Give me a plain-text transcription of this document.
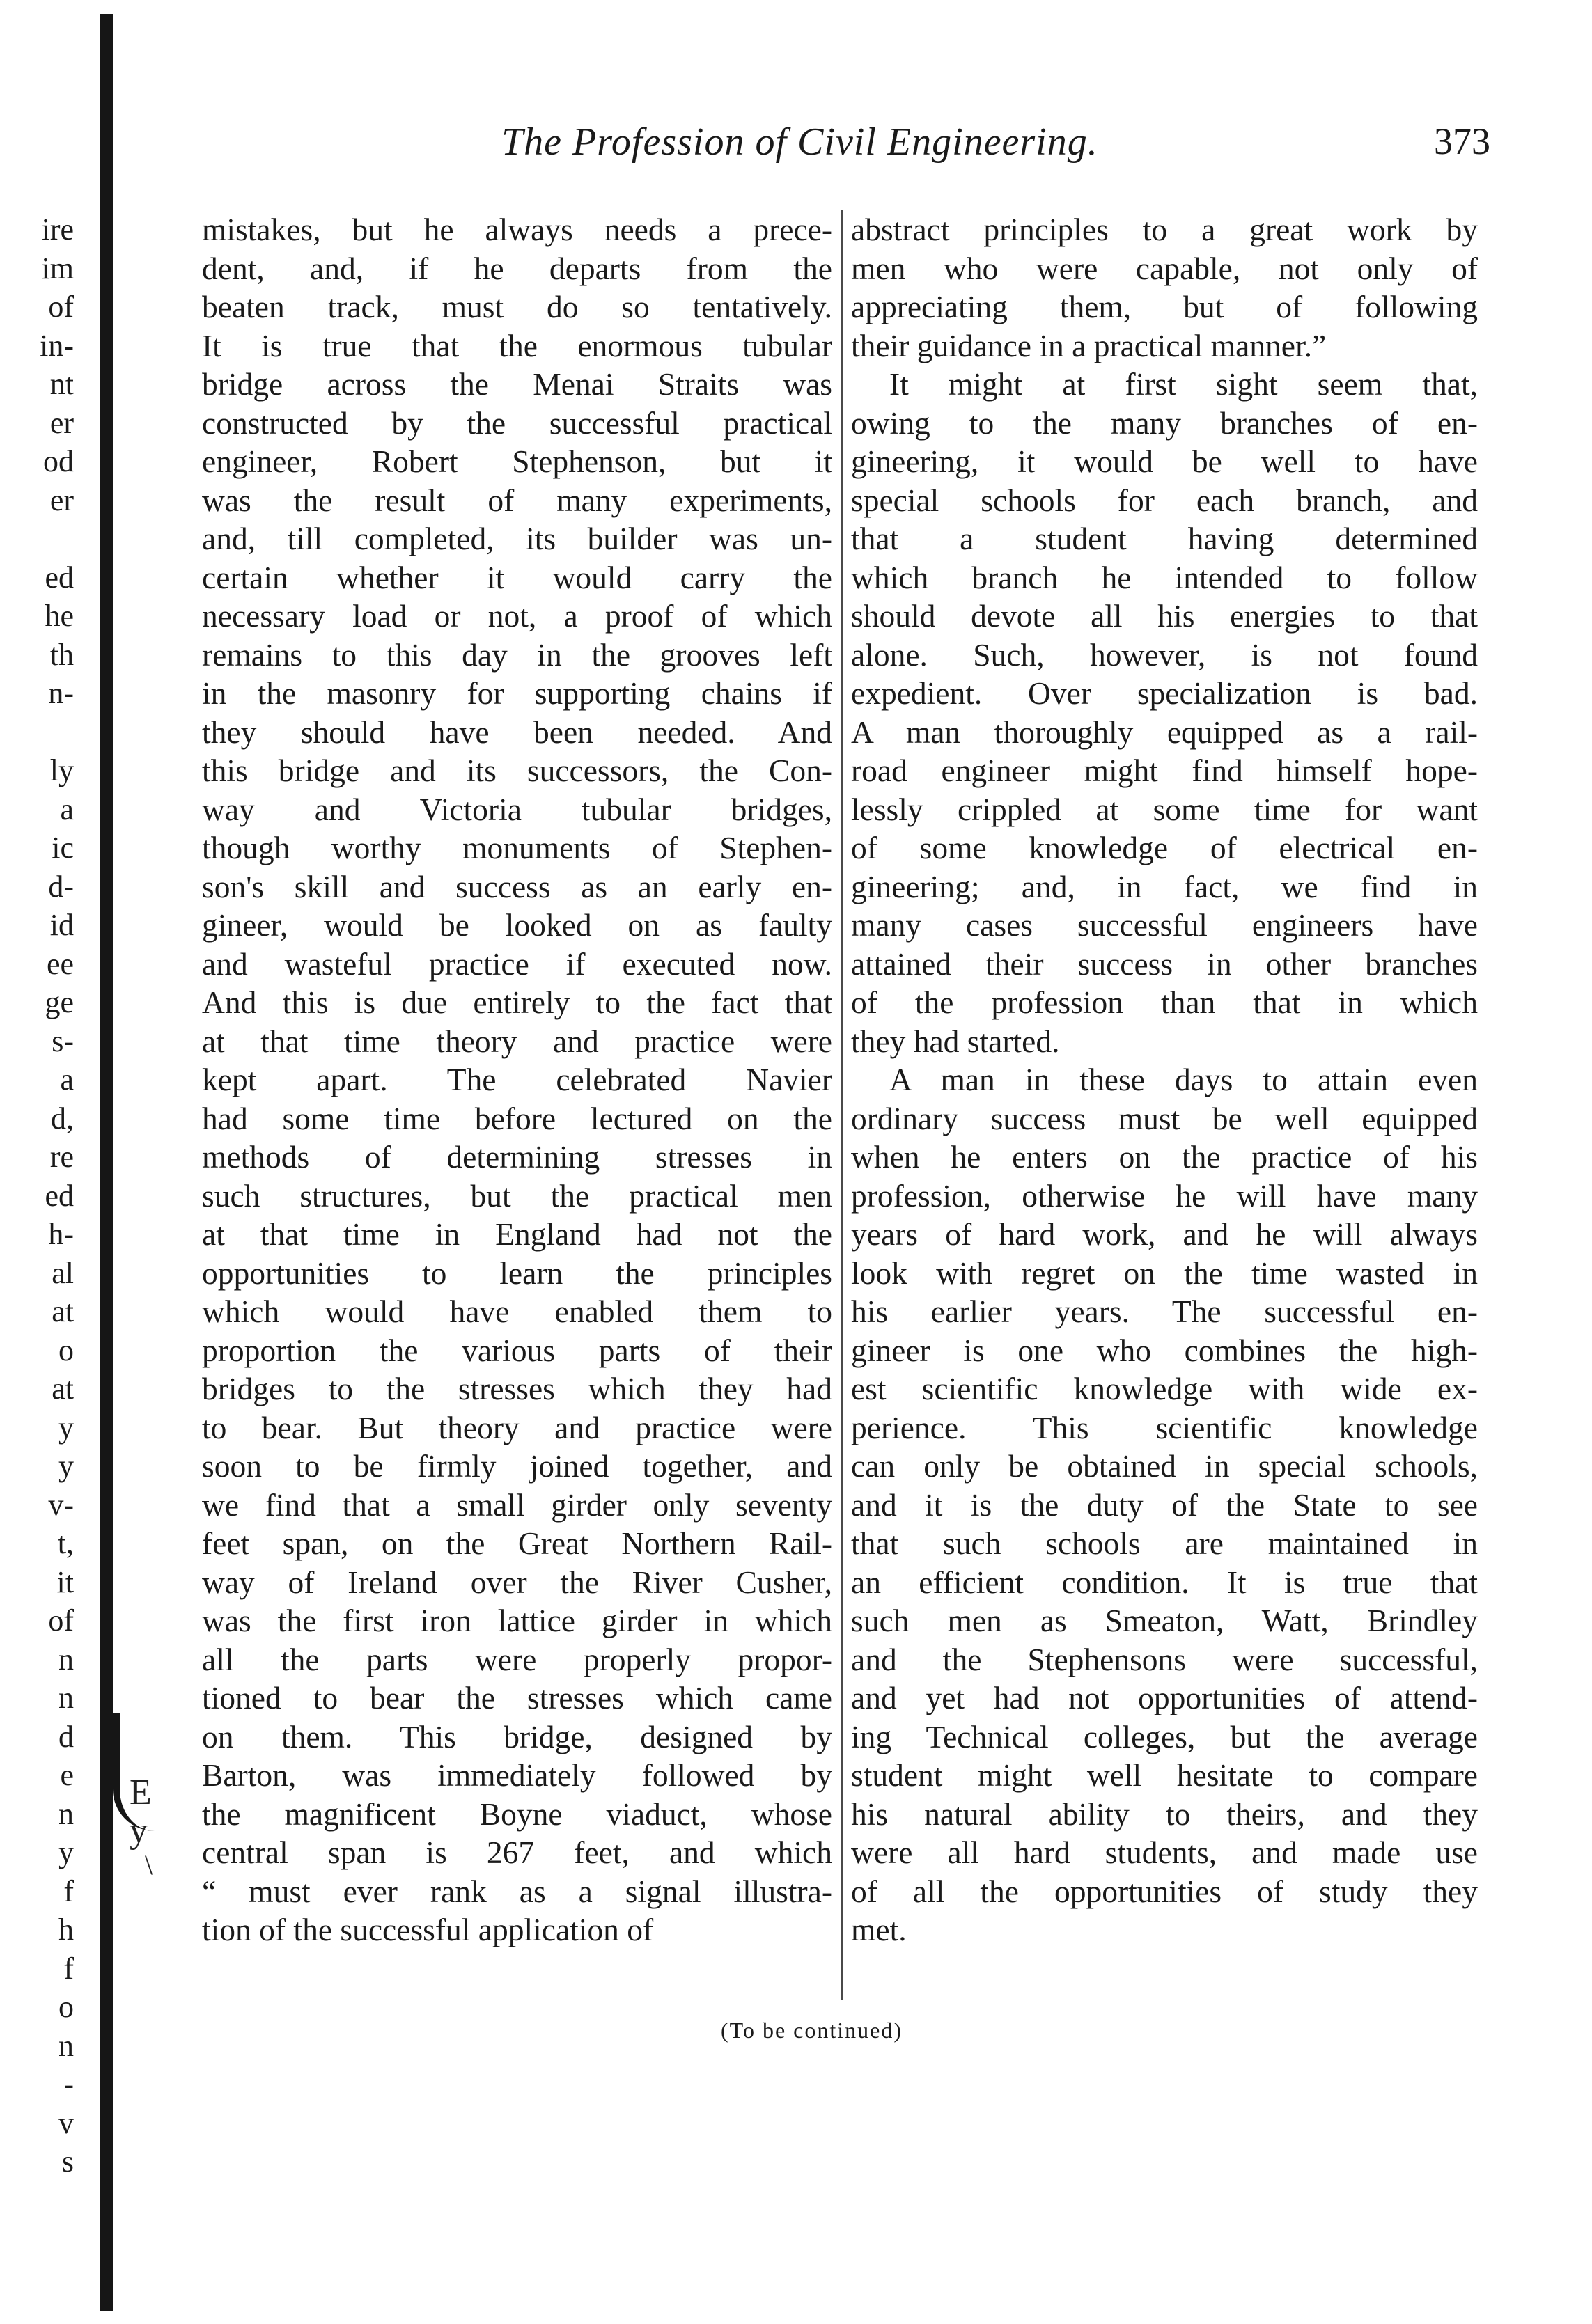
E
y
\
ire
im
of
in-
nt
er
od
er
ed
he
th
n-
ly
a
ic
d-
id
ee
ge
s-
a
d,
re
ed
h-
al
at
o
at
y
y
v-
t,
it
of
n
n
d
e
n
y
f
h
f
o
n
-
v
s
The Profession of Civil Engineering.	373
mistakes, but he always needs a prece-
dent, and, if he departs from the
beaten track, must do so tentatively.
It is true that the enormous tubular
bridge across the Menai Straits was
constructed by the successful practical
engineer, Robert Stephenson, but it
was the result of many experiments,
and, till completed, its builder was un-
certain whether it would carry the
necessary load or not, a proof of which
remains to this day in the grooves left
in the masonry for supporting chains if
they should have been needed. And
this bridge and its successors, the Con-
way and Victoria tubular bridges,
though worthy monuments of Stephen-
son's skill and success as an early en-
gineer, would be looked on as faulty
and wasteful practice if executed now.
And this is due entirely to the fact that
at that time theory and practice were
kept apart. The celebrated Navier
had some time before lectured on the
methods of determining stresses in
such structures, but the practical men
at that time in England had not the
opportunities to learn the principles
which would have enabled them to
proportion the various parts of their
bridges to the stresses which they had
to bear. But theory and practice were
soon to be firmly joined together, and
we find that a small girder only seventy
feet span, on the Great Northern Rail-
way of Ireland over the River Cusher,
was the first iron lattice girder in which
all the parts were properly propor-
tioned to bear the stresses which came
on them. This bridge, designed by
Barton, was immediately followed by
the magnificent Boyne viaduct, whose
central span is 267 feet, and which
“ must ever rank as a signal illustra-
tion of the successful application of
abstract principles to a great work by
men who were capable, not only of
appreciating them, but of following
their guidance in a practical manner.”
It might at first sight seem that,
owing to the many branches of en-
gineering, it would be well to have
special schools for each branch, and
that a student having determined
which branch he intended to follow
should devote all his energies to that
alone. Such, however, is not found
expedient. Over specialization is bad.
A man thoroughly equipped as a rail-
road engineer might find himself hope-
lessly crippled at some time for want
of some knowledge of electrical en-
gineering; and, in fact, we find in
many cases successful engineers have
attained their success in other branches
of the profession than that in which
they had started.
A man in these days to attain even
ordinary success must be well equipped
when he enters on the practice of his
profession, otherwise he will have many
years of hard work, and he will always
look with regret on the time wasted in
his earlier years. The successful en-
gineer is one who combines the high-
est scientific knowledge with wide ex-
perience. This scientific knowledge
can only be obtained in special schools,
and it is the duty of the State to see
that such schools are maintained in
an efficient condition. It is true that
such men as Smeaton, Watt, Brindley
and the Stephensons were successful,
and yet had not opportunities of attend-
ing Technical colleges, but the average
student might well hesitate to compare
his natural ability to theirs, and they
were all hard students, and made use
of all the opportunities of study they
met.
(To be continued)
